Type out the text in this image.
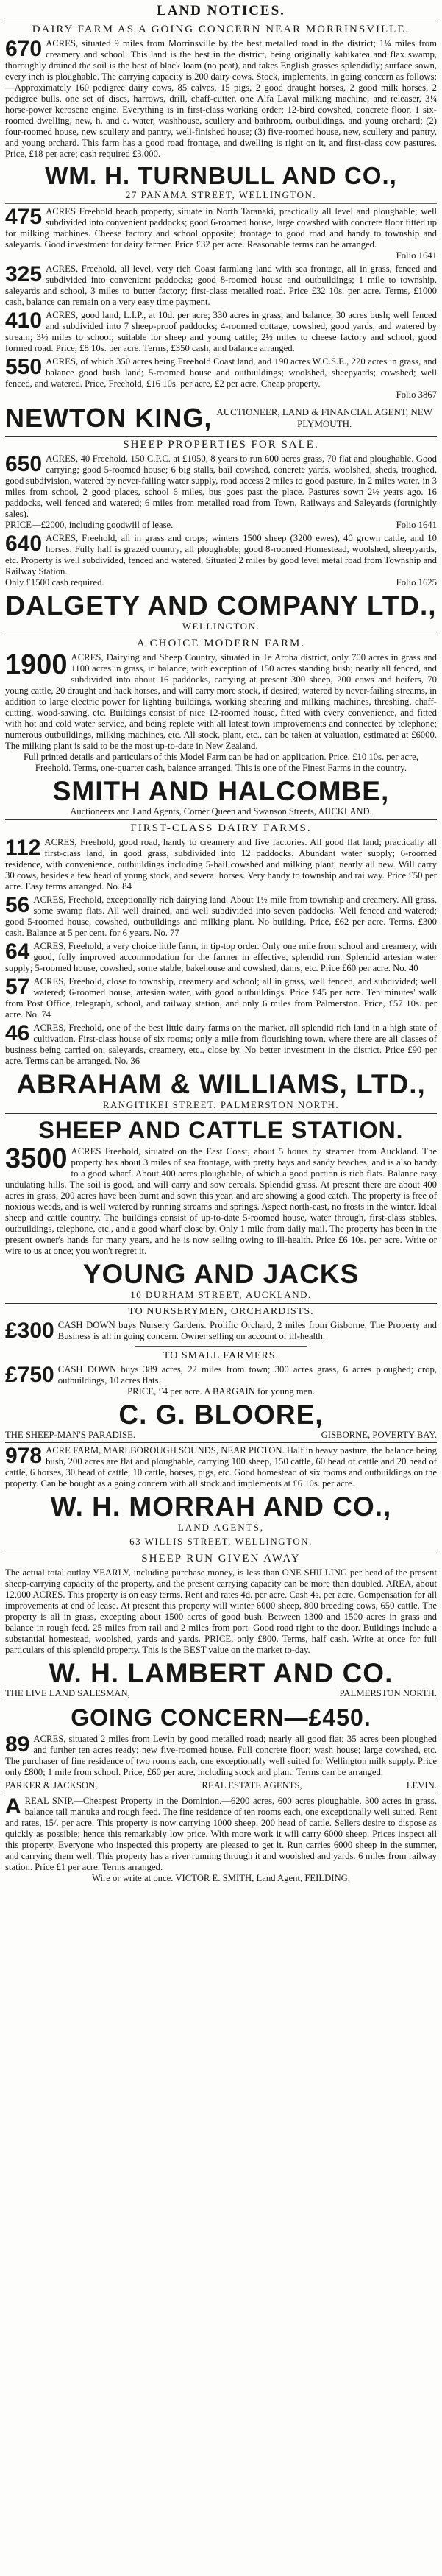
LAND NOTICES.
DAIRY FARM AS A GOING CONCERN NEAR MORRINSVILLE.
670 ACRES, situated 9 miles from Morrinsville by the best metalled road in the district; 1¼ miles from creamery and school. This land is the best in the district, being originally kahikatea and flax swamp, thoroughly drained the soil is the best of black loam (no peat), and takes English grasses splendidly; surface sown, every inch is ploughable. The carrying capacity is 200 dairy cows. Stock, implements, in going concern as follows:—Approximately 160 pedigree dairy cows, 85 calves, 15 pigs, 2 good draught horses, 2 good milk horses, 2 pedigree bulls, one set of discs, harrows, drill, chaff-cutter, one Alfa Laval milking machine, and releaser, 3¼ horse-power kerosene engine. Everything is in first-class working order; 12-bird cowshed, concrete floor, 1 six-roomed dwelling, new, h. and c. water, washhouse, scullery and bathroom, outbuildings, and young orchard; (2) four-roomed house, new scullery and pantry, well-finished house; (3) five-roomed house, new, scullery and pantry, and young orchard. This farm has a good road frontage, and dwelling is right on it, and first-class cow pastures. Price, £18 per acre; cash required £3,000.
WM. H. TURNBULL AND CO.,
27 PANAMA STREET, WELLINGTON.
475 ACRES Freehold beach property, situate in North Taranaki, practically all level and ploughable; well subdivided into convenient paddocks; good 6-roomed house, large cowshed with concrete floor fitted up for milking machines. Cheese factory and school opposite; frontage to good road and handy to township and saleyards. Good investment for dairy farmer. Price £32 per acre. Reasonable terms can be arranged.
Folio 1641
325 ACRES, Freehold, all level, very rich Coast farmlang land with sea frontage, all in grass, fenced and subdivided into convenient paddocks; good 8-roomed house and outbuildings; 1 mile to township, saleyards and school, 3 miles to butter factory; first-class metalled road. Price £32 10s. per acre. Terms, £1000 cash, balance can remain on a very easy time payment.
410 ACRES, good land, L.I.P., at 10d. per acre; 330 acres in grass, and balance, 30 acres bush; well fenced and subdivided into 7 sheep-proof paddocks; 4-roomed cottage, cowshed, good yards, and watered by stream; 3½ miles to school; suitable for sheep and young cattle; 2½ miles to cheese factory and school, good formed road. Price, £8 10s. per acre. Terms, £350 cash, and balance arranged.
550 ACRES, of which 350 acres being Freehold Coast land, and 190 acres W.C.S.E., 220 acres in grass, and balance good bush land; 5-roomed house and outbuildings; woolshed, sheepyards; cowshed; well fenced, and watered. Price, Freehold, £16 10s. per acre, £2 per acre. Cheap property.
Folio 3867
NEWTON KING, AUCTIONEER, LAND & FINANCIAL AGENT, NEW PLYMOUTH.
SHEEP PROPERTIES FOR SALE.
650 ACRES, 40 Freehold, 150 C.P.C. at £1050, 8 years to run 600 acres grass, 70 flat and ploughable. Good carrying; good 5-roomed house; 6 big stalls, bail cowshed, concrete yards, woolshed, sheds, troughed, good subdivision, watered by never-failing water supply, road access 2 miles to good pasture, in 2 miles water, in 3 miles from school, 2 good places, school 6 miles, bus goes past the place. Pastures sown 2½ years ago. 16 paddocks, well fenced and watered; 6 miles from metalled road from Town, Railways and Saleyards (fortnightly sales).
PRICE—£2000, including goodwill of lease.	Folio 1641
640 ACRES, Freehold, all in grass and crops; winters 1500 sheep (3200 ewes), 40 grown cattle, and 10 horses. Fully half is grazed country, all ploughable; good 8-roomed Homestead, woolshed, sheepyards, etc. Property is well subdivided, fenced and watered. Situated 2 miles by good level metal road from Township and Railway Station.
Only £1500 cash required.	Folio 1625
DALGETY AND COMPANY LTD.,
WELLINGTON.
A CHOICE MODERN FARM.
1900 ACRES, Dairying and Sheep Country, situated in Te Aroha district, only 700 acres in grass and 1100 acres in grass, in balance, with exception of 150 acres standing bush; nearly all fenced, and subdivided into about 16 paddocks, carrying at present 300 sheep, 200 cows and heifers, 70 young cattle, 20 draught and hack horses, and will carry more stock, if desired; watered by never-failing streams, in addition to large electric power for lighting buildings, working shearing and milking machines, threshing, chaff-cutting, wood-sawing, etc. Buildings consist of nice 12-roomed house, fitted with every convenience, and fitted with hot and cold water service, and being replete with all latest town improvements and connected by telephone; numerous outbuildings, milking machines, etc. All stock, plant, etc., can be taken at valuation, estimated at £6000. The milking plant is said to be the most up-to-date in New Zealand.

Full printed details and particulars of this Model Farm can be had on application. Price, £10 10s. per acre, Freehold. Terms, one-quarter cash, balance arranged. This is one of the Finest Farms in the country.

SMITH AND HALCOMBE,
Auctioneers and Land Agents, Corner Queen and Swanson Streets, AUCKLAND.
FIRST-CLASS DAIRY FARMS.
112 ACRES, Freehold, good road, handy to creamery and five factories. All good flat land; practically all first-class land, in good grass, subdivided into 12 paddocks. Abundant water supply; 6-roomed residence, with convenience, outbuildings including 5-bail cowshed and milking plant, nearly all new. Will carry 30 cows, besides a few head of young stock, and several horses. Very handy to township and railway. Price £50 per acre. Easy terms arranged. No. 84
56 ACRES, Freehold, exceptionally rich dairying land. About 1½ mile from township and creamery. All grass, some swamp flats. All well drained, and well subdivided into seven paddocks. Well fenced and watered; good 5-roomed house, cowshed, outbuildings and milking plant. No building. Price, £62 per acre. Terms, £300 cash. Balance at 5 per cent. for 6 years. No. 77
64 ACRES, Freehold, a very choice little farm, in tip-top order. Only one mile from school and creamery, with good, fully improved accommodation for the farmer in effective, splendid run. Splendid artesian water supply; 5-roomed house, cowshed, some stable, bakehouse and cowshed, dams, etc. Price £60 per acre. No. 40
57 ACRES, Freehold, close to township, creamery and school; all in grass, well fenced, and subdivided; well watered; 6-roomed house, artesian water, with good outbuildings. Price £45 per acre. Ten minutes' walk from Post Office, telegraph, school, and railway station, and only 6 miles from Palmerston. Price, £57 10s. per acre. No. 74
46 ACRES, Freehold, one of the best little dairy farms on the market, all splendid rich land in a high state of cultivation. First-class house of six rooms; only a mile from flourishing town, where there are all classes of business being carried on; saleyards, creamery, etc., close by. No better investment in the district. Price £90 per acre. Terms can be arranged. No. 36
ABRAHAM & WILLIAMS, LTD.,
RANGITIKEI STREET, PALMERSTON NORTH.
SHEEP AND CATTLE STATION.
3500 ACRES Freehold, situated on the East Coast, about 5 hours by steamer from Auckland. The property has about 3 miles of sea frontage, with pretty bays and sandy beaches, and is also handy to a good wharf. About 400 acres ploughable, of which a good portion is rich flats. Balance easy undulating hills. The soil is good, and will carry and sow cereals. Splendid grass. At present there are about 400 acres in grass, 200 acres have been burnt and sown this year, and are showing a good catch. The property is free of noxious weeds, and is well watered by running streams and springs. Aspect north-east, no frosts in the winter. Ideal sheep and cattle country. The buildings consist of up-to-date 5-roomed house, water through, first-class stables, outbuildings, telephone, etc., and a good wharf close by. Only 1 mile from daily mail. The property has been in the present owner's hands for many years, and he is now selling owing to ill-health. Price £6 10s. per acre. Write or wire to us at once; you won't regret it.
YOUNG AND JACKS
10 DURHAM STREET, AUCKLAND.
TO NURSERYMEN, ORCHARDISTS.
£300 CASH DOWN buys Nursery Gardens. Prolific Orchard, 2 miles from Gisborne. The Property and Business is all in going concern. Owner selling on account of ill-health.
TO SMALL FARMERS.
£750 CASH DOWN buys 389 acres, 22 miles from town; 300 acres grass, 6 acres ploughed; crop, outbuildings, 10 acres flats.

PRICE, £4 per acre. A BARGAIN for young men.

C. G. BLOORE,
THE SHEEP-MAN'S PARADISE.	GISBORNE, POVERTY BAY.
978 ACRE FARM, MARLBOROUGH SOUNDS, NEAR PICTON. Half in heavy pasture, the balance being bush, 200 acres are flat and ploughable, carrying 100 sheep, 150 cattle, 60 head of cattle and 20 head of cattle, 6 horses, 30 head of cattle, 10 cattle, horses, pigs, etc. Good homestead of six rooms and outbuildings on the property. Can be bought as a going concern with all stock and implements at £6 10s. per acre.
W. H. MORRAH AND CO.,
LAND AGENTS,
63 WILLIS STREET, WELLINGTON.
SHEEP RUN GIVEN AWAY
The actual total outlay YEARLY, including purchase money, is less than ONE SHILLING per head of the present sheep-carrying capacity of the property, and the present carrying capacity can be more than doubled. AREA, about 12,000 ACRES. This property is on easy terms. Rent and rates 4d. per acre. Cash 4s. per acre. Compensation for all improvements at end of lease. At present this property will winter 6000 sheep, 800 breeding cows, 650 cattle. The property is all in grass, excepting about 1500 acres of good bush. Between 1300 and 1500 acres in grass and balance in rough feed. 25 miles from rail and 2 miles from port. Good road right to the door. Buildings include a substantial homestead, woolshed, yards and yards. PRICE, only £800. Terms, half cash. Write at once for full particulars of this splendid property. This is the BEST value on the market to-day.
W. H. LAMBERT AND CO.
THE LIVE LAND SALESMAN,	PALMERSTON NORTH.
GOING CONCERN—£450.
89 ACRES, situated 2 miles from Levin by good metalled road; nearly all good flat; 35 acres been ploughed and further ten acres ready; new five-roomed house. Full concrete floor; wash house; large cowshed, etc. The purchaser of fine residence of two rooms each, one exceptionally well suited for Wellington milk supply. Price only £800; 1 mile from school. Price, £60 per acre, including stock and plant. Terms can be arranged.
PARKER & JACKSON,	REAL ESTATE AGENTS,	LEVIN.
A REAL SNIP.—Cheapest Property in the Dominion.—6200 acres, 600 acres ploughable, 300 acres in grass, balance tall manuka and rough feed. The fine residence of ten rooms each, one exceptionally well suited. Rent and rates, 15/. per acre. This property is now carrying 1000 sheep, 200 head of cattle. Sellers desire to dispose as quickly as possible; hence this remarkably low price. With more work it will carry 6000 sheep. Prices inspect all this property. Everyone who inspected this property are pleased to get it. Run carries 6000 sheep in the summer, and carrying them well. This property has a river running through it and woolshed and yards. 6 miles from railway station. Price £1 per acre. Terms arranged.

Wire or write at once. VICTOR E. SMITH, Land Agent, FEILDING.
